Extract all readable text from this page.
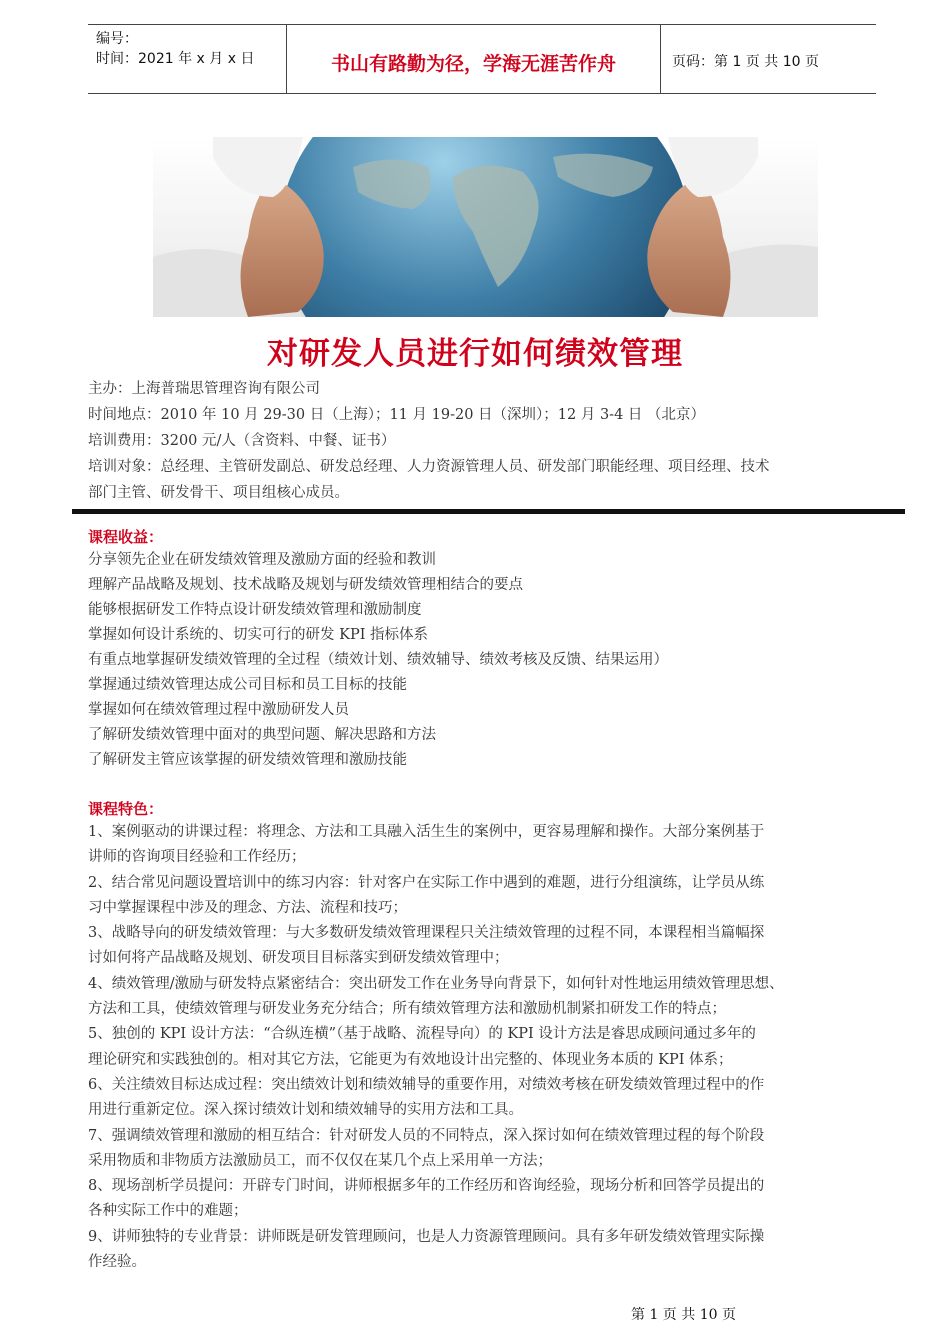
编号：
时间：2021 年 x 月 x 日	书山有路勤为径，学海无涯苦作舟	页码：第 1 页 共 10 页
对研发人员进行如何绩效管理
主办：上海普瑞思管理咨询有限公司
时间地点：2010 年 10 月 29-30 日（上海）；11 月 19-20 日（深圳）；12 月 3-4 日 （北京）
培训费用：3200 元/人（含资料、中餐、证书）
培训对象：总经理、主管研发副总、研发总经理、人力资源管理人员、研发部门职能经理、项目经理、技术
部门主管、研发骨干、项目组核心成员。
课程收益：
分享领先企业在研发绩效管理及激励方面的经验和教训
理解产品战略及规划、技术战略及规划与研发绩效管理相结合的要点
能够根据研发工作特点设计研发绩效管理和激励制度
掌握如何设计系统的、切实可行的研发 KPI 指标体系
有重点地掌握研发绩效管理的全过程（绩效计划、绩效辅导、绩效考核及反馈、结果运用）
掌握通过绩效管理达成公司目标和员工目标的技能
掌握如何在绩效管理过程中激励研发人员
了解研发绩效管理中面对的典型问题、解决思路和方法
了解研发主管应该掌握的研发绩效管理和激励技能
课程特色：
1、案例驱动的讲课过程：将理念、方法和工具融入活生生的案例中，更容易理解和操作。大部分案例基于
讲师的咨询项目经验和工作经历；
2、结合常见问题设置培训中的练习内容：针对客户在实际工作中遇到的难题，进行分组演练，让学员从练
习中掌握课程中涉及的理念、方法、流程和技巧；
3、战略导向的研发绩效管理：与大多数研发绩效管理课程只关注绩效管理的过程不同，本课程相当篇幅探
讨如何将产品战略及规划、研发项目目标落实到研发绩效管理中；
4、绩效管理/激励与研发特点紧密结合：突出研发工作在业务导向背景下，如何针对性地运用绩效管理思想、
方法和工具，使绩效管理与研发业务充分结合；所有绩效管理方法和激励机制紧扣研发工作的特点；
5、独创的 KPI 设计方法：“合纵连横”（基于战略、流程导向）的 KPI 设计方法是睿思成顾问通过多年的
理论研究和实践独创的。相对其它方法，它能更为有效地设计出完整的、体现业务本质的 KPI 体系；
6、关注绩效目标达成过程：突出绩效计划和绩效辅导的重要作用，对绩效考核在研发绩效管理过程中的作
用进行重新定位。深入探讨绩效计划和绩效辅导的实用方法和工具。
7、强调绩效管理和激励的相互结合：针对研发人员的不同特点，深入探讨如何在绩效管理过程的每个阶段
采用物质和非物质方法激励员工，而不仅仅在某几个点上采用单一方法；
8、现场剖析学员提问：开辟专门时间，讲师根据多年的工作经历和咨询经验，现场分析和回答学员提出的
各种实际工作中的难题；
9、讲师独特的专业背景：讲师既是研发管理顾问，也是人力资源管理顾问。具有多年研发绩效管理实际操
作经验。
第 1 页 共 10 页
